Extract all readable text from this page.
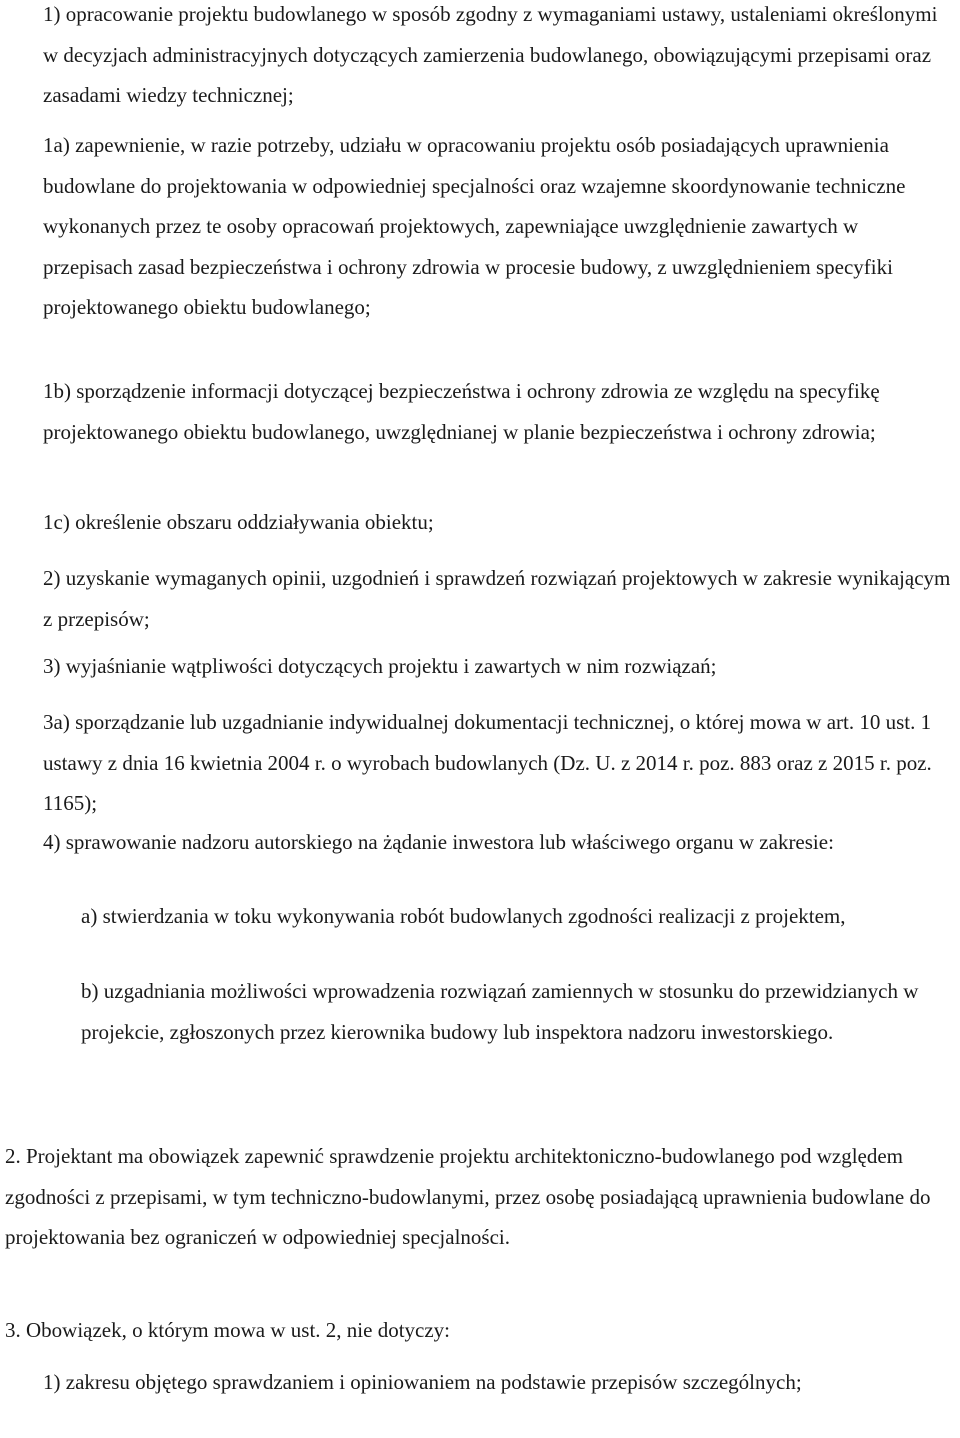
1) opracowanie projektu budowlanego w sposób zgodny z wymaganiami ustawy, ustaleniami określonymi w decyzjach administracyjnych dotyczących zamierzenia budowlanego, obowiązującymi przepisami oraz zasadami wiedzy technicznej;

1a) zapewnienie, w razie potrzeby, udziału w opracowaniu projektu osób posiadających uprawnienia budowlane do projektowania w odpowiedniej specjalności oraz wzajemne skoordynowanie techniczne wykonanych przez te osoby opracowań projektowych, zapewniające uwzględnienie zawartych w przepisach zasad bezpieczeństwa i ochrony zdrowia w procesie budowy, z uwzględnieniem specyfiki projektowanego obiektu budowlanego;

1b) sporządzenie informacji dotyczącej bezpieczeństwa i ochrony zdrowia ze względu na specyfikę projektowanego obiektu budowlanego, uwzględnianej w planie bezpieczeństwa i ochrony zdrowia;

1c) określenie obszaru oddziaływania obiektu;

2) uzyskanie wymaganych opinii, uzgodnień i sprawdzeń rozwiązań projektowych w zakresie wynikającym z przepisów;

3) wyjaśnianie wątpliwości dotyczących projektu i zawartych w nim rozwiązań;

3a) sporządzanie lub uzgadnianie indywidualnej dokumentacji technicznej, o której mowa w art. 10 ust. 1 ustawy z dnia 16 kwietnia 2004 r. o wyrobach budowlanych (Dz. U. z 2014 r. poz. 883 oraz z 2015 r. poz. 1165);

4) sprawowanie nadzoru autorskiego na żądanie inwestora lub właściwego organu w zakresie:

a) stwierdzania w toku wykonywania robót budowlanych zgodności realizacji z projektem,

b) uzgadniania możliwości wprowadzenia rozwiązań zamiennych w stosunku do przewidzianych w projekcie, zgłoszonych przez kierownika budowy lub inspektora nadzoru inwestorskiego.

2. Projektant ma obowiązek zapewnić sprawdzenie projektu architektoniczno-budowlanego pod względem zgodności z przepisami, w tym techniczno-budowlanymi, przez osobę posiadającą uprawnienia budowlane do projektowania bez ograniczeń w odpowiedniej specjalności.

3. Obowiązek, o którym mowa w ust. 2, nie dotyczy:

1) zakresu objętego sprawdzaniem i opiniowaniem na podstawie przepisów szczególnych;
